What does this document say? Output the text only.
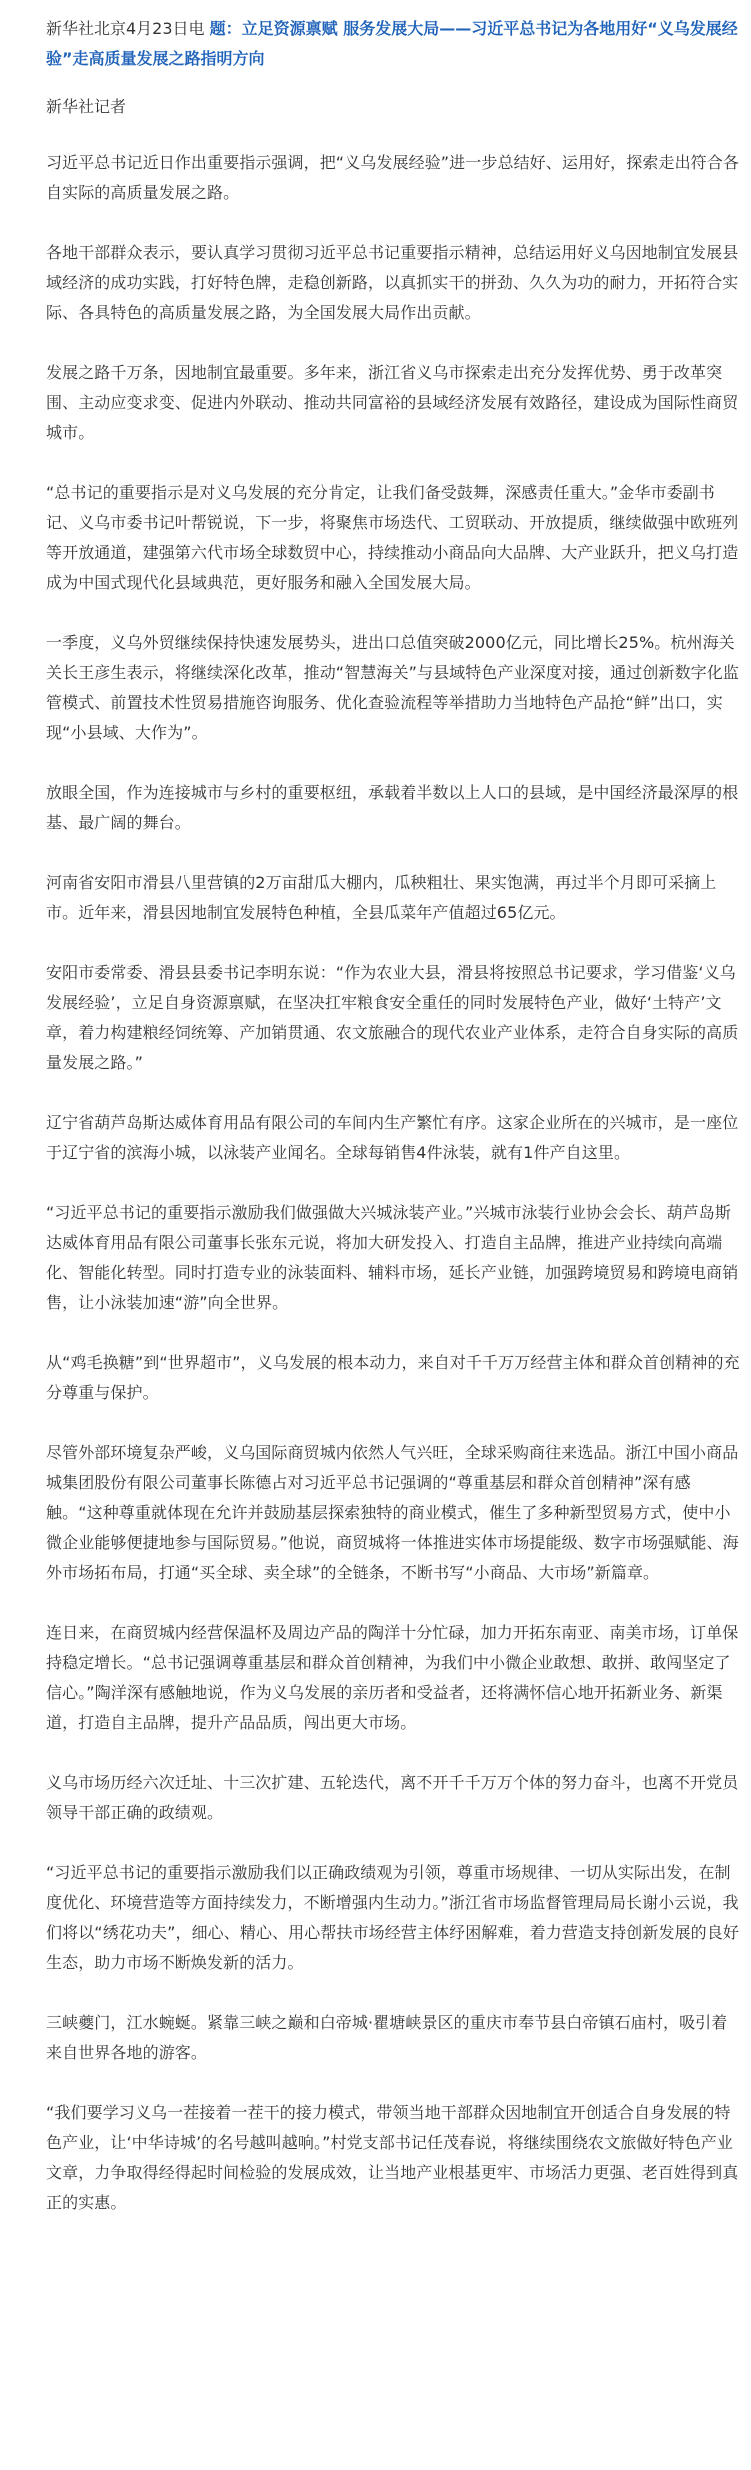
新华社北京4月23日电 题：立足资源禀赋 服务发展大局——习近平总书记为各地用好“义乌发展经验”走高质量发展之路指明方向

新华社记者

习近平总书记近日作出重要指示强调，把“义乌发展经验”进一步总结好、运用好，探索走出符合各自实际的高质量发展之路。

各地干部群众表示，要认真学习贯彻习近平总书记重要指示精神，总结运用好义乌因地制宜发展县域经济的成功实践，打好特色牌，走稳创新路，以真抓实干的拼劲、久久为功的耐力，开拓符合实际、各具特色的高质量发展之路，为全国发展大局作出贡献。

发展之路千万条，因地制宜最重要。多年来，浙江省义乌市探索走出充分发挥优势、勇于改革突围、主动应变求变、促进内外联动、推动共同富裕的县域经济发展有效路径，建设成为国际性商贸城市。

“总书记的重要指示是对义乌发展的充分肯定，让我们备受鼓舞，深感责任重大。”金华市委副书记、义乌市委书记叶帮锐说，下一步，将聚焦市场迭代、工贸联动、开放提质，继续做强中欧班列等开放通道，建强第六代市场全球数贸中心，持续推动小商品向大品牌、大产业跃升，把义乌打造成为中国式现代化县域典范，更好服务和融入全国发展大局。

一季度，义乌外贸继续保持快速发展势头，进出口总值突破2000亿元，同比增长25%。杭州海关关长王彦生表示，将继续深化改革，推动“智慧海关”与县域特色产业深度对接，通过创新数字化监管模式、前置技术性贸易措施咨询服务、优化查验流程等举措助力当地特色产品抢“鲜”出口，实现“小县域、大作为”。

放眼全国，作为连接城市与乡村的重要枢纽，承载着半数以上人口的县域，是中国经济最深厚的根基、最广阔的舞台。

河南省安阳市滑县八里营镇的2万亩甜瓜大棚内，瓜秧粗壮、果实饱满，再过半个月即可采摘上市。近年来，滑县因地制宜发展特色种植，全县瓜菜年产值超过65亿元。

安阳市委常委、滑县县委书记李明东说：“作为农业大县，滑县将按照总书记要求，学习借鉴‘义乌发展经验’，立足自身资源禀赋，在坚决扛牢粮食安全重任的同时发展特色产业，做好‘土特产’文章，着力构建粮经饲统筹、产加销贯通、农文旅融合的现代农业产业体系，走符合自身实际的高质量发展之路。”

辽宁省葫芦岛斯达威体育用品有限公司的车间内生产繁忙有序。这家企业所在的兴城市，是一座位于辽宁省的滨海小城，以泳装产业闻名。全球每销售4件泳装，就有1件产自这里。

“习近平总书记的重要指示激励我们做强做大兴城泳装产业。”兴城市泳装行业协会会长、葫芦岛斯达威体育用品有限公司董事长张东元说，将加大研发投入、打造自主品牌，推进产业持续向高端化、智能化转型。同时打造专业的泳装面料、辅料市场，延长产业链，加强跨境贸易和跨境电商销售，让小泳装加速“游”向全世界。

从“鸡毛换糖”到“世界超市”，义乌发展的根本动力，来自对千千万万经营主体和群众首创精神的充分尊重与保护。

尽管外部环境复杂严峻，义乌国际商贸城内依然人气兴旺，全球采购商往来选品。浙江中国小商品城集团股份有限公司董事长陈德占对习近平总书记强调的“尊重基层和群众首创精神”深有感触。“这种尊重就体现在允许并鼓励基层探索独特的商业模式，催生了多种新型贸易方式，使中小微企业能够便捷地参与国际贸易。”他说，商贸城将一体推进实体市场提能级、数字市场强赋能、海外市场拓布局，打通“买全球、卖全球”的全链条，不断书写“小商品、大市场”新篇章。

连日来，在商贸城内经营保温杯及周边产品的陶洋十分忙碌，加力开拓东南亚、南美市场，订单保持稳定增长。“总书记强调尊重基层和群众首创精神，为我们中小微企业敢想、敢拼、敢闯坚定了信心。”陶洋深有感触地说，作为义乌发展的亲历者和受益者，还将满怀信心地开拓新业务、新渠道，打造自主品牌，提升产品品质，闯出更大市场。

义乌市场历经六次迁址、十三次扩建、五轮迭代，离不开千千万万个体的努力奋斗，也离不开党员领导干部正确的政绩观。

“习近平总书记的重要指示激励我们以正确政绩观为引领，尊重市场规律、一切从实际出发，在制度优化、环境营造等方面持续发力，不断增强内生动力。”浙江省市场监督管理局局长谢小云说，我们将以“绣花功夫”，细心、精心、用心帮扶市场经营主体纾困解难，着力营造支持创新发展的良好生态，助力市场不断焕发新的活力。

三峡夔门，江水蜿蜒。紧靠三峡之巅和白帝城·瞿塘峡景区的重庆市奉节县白帝镇石庙村，吸引着来自世界各地的游客。

“我们要学习义乌一茬接着一茬干的接力模式，带领当地干部群众因地制宜开创适合自身发展的特色产业，让‘中华诗城’的名号越叫越响。”村党支部书记任茂春说，将继续围绕农文旅做好特色产业文章，力争取得经得起时间检验的发展成效，让当地产业根基更牢、市场活力更强、老百姓得到真正的实惠。
